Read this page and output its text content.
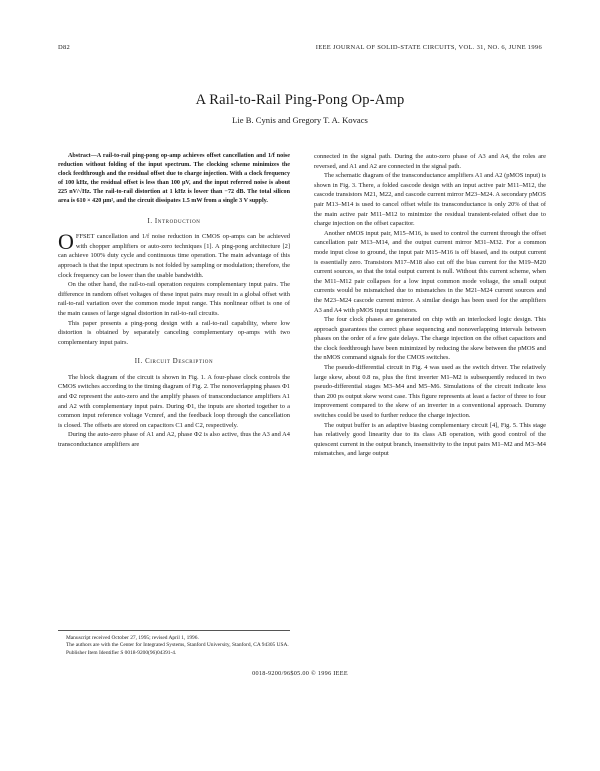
D82	IEEE JOURNAL OF SOLID-STATE CIRCUITS, VOL. 31, NO. 6, JUNE 1996
A Rail-to-Rail Ping-Pong Op-Amp
Lie B. Cynis and Gregory T. A. Kovacs

Abstract—A rail-to-rail ping-pong op-amp achieves offset cancellation and 1/f noise reduction without folding of the input spectrum. The clocking scheme minimizes the clock feedthrough and the residual offset due to charge injection. With a clock frequency of 100 kHz, the residual offset is less than 100 μV, and the input referred noise is about 225 nV/√Hz. The rail-to-rail distortion at 1 kHz is lower than −72 dB. The total silicon area is 610 × 420 μm², and the circuit dissipates 1.5 mW from a single 3 V supply.

I. Introduction

OFFSET cancellation and 1/f noise reduction in CMOS op-amps can be achieved with chopper amplifiers or auto-zero techniques [1]. A ping-pong architecture [2] can achieve 100% duty cycle and continuous time operation. The main advantage of this approach is that the input spectrum is not folded by sampling or modulation; therefore, the clock frequency can be lower than the usable bandwidth.

On the other hand, the rail-to-rail operation requires complementary input pairs. The difference in random offset voltages of these input pairs may result in a global offset with rail-to-rail variation over the common mode input range. This nonlinear offset is one of the main causes of large signal distortion in rail-to-rail circuits.

This paper presents a ping-pong design with a rail-to-rail capability, where low distortion is obtained by separately canceling complementary op-amps with two complementary input pairs.

II. Circuit Description

The block diagram of the circuit is shown in Fig. 1. A four-phase clock controls the CMOS switches according to the timing diagram of Fig. 2. The nonoverlapping phases Φ1 and Φ2 represent the auto-zero and the amplify phases of transconductance amplifiers A1 and A2 with complementary input pairs. During Φ1, the inputs are shorted together to a common input reference voltage Vcmref, and the feedback loop through the cancellation is closed. The offsets are stored on capacitors C1 and C2, respectively.

During the auto-zero phase of A1 and A2, phase Φ2 is also active, thus the A3 and A4 transconductance amplifiers are

Manuscript received October 27, 1995; revised April 1, 1996.
The authors are with the Center for Integrated Systems, Stanford University, Stanford, CA 94305 USA.
Publisher Item Identifier S 0018-9200(96)04391-4.

connected in the signal path. During the auto-zero phase of A3 and A4, the roles are reversed, and A1 and A2 are connected in the signal path.

The schematic diagram of the transconductance amplifiers A1 and A2 (pMOS input) is shown in Fig. 3. There, a folded cascode design with an input active pair M11–M12, the cascode transistors M21, M22, and cascode current mirror M23–M24. A secondary pMOS pair M13–M14 is used to cancel offset while its transconductance is only 20% of that of the main active pair M11–M12 to minimize the residual transient-related offset due to charge injection on the offset capacitor.

Another nMOS input pair, M15–M16, is used to control the current through the offset cancellation pair M13–M14, and the output current mirror M31–M32. For a common mode input close to ground, the input pair M15–M16 is off biased, and its output current is essentially zero. Transistors M17–M18 also cut off the bias current for the M19–M20 current sources, so that the total output current is null. Without this current scheme, when the M11–M12 pair collapses for a low input common mode voltage, the small output currents would be mismatched due to mismatches in the M21–M24 current sources and the M23–M24 cascode current mirror. A similar design has been used for the amplifiers A3 and A4 with pMOS input transistors.

The four clock phases are generated on chip with an interlocked logic design. This approach guarantees the correct phase sequencing and nonoverlapping intervals between phases on the order of a few gate delays. The charge injection on the offset capacitors and the clock feedthrough have been minimized by reducing the skew between the pMOS and the nMOS command signals for the CMOS switches.

The pseudo-differential circuit in Fig. 4 was used as the switch driver. The relatively large skew, about 0.8 ns, plus the first inverter M1–M2 is subsequently reduced in two pseudo-differential stages M3–M4 and M5–M6. Simulations of the circuit indicate less than 200 ps output skew worst case. This figure represents at least a factor of three to four improvement compared to the skew of an inverter in a conventional approach. Dummy switches could be used to further reduce the charge injection.

The output buffer is an adaptive biasing complementary circuit [4], Fig. 5. This stage has relatively good linearity due to its class AB operation, with good control of the quiescent current in the output branch, insensitivity to the input pairs M1–M2 and M3–M4 mismatches, and large output

0018-9200/96$05.00 © 1996 IEEE
